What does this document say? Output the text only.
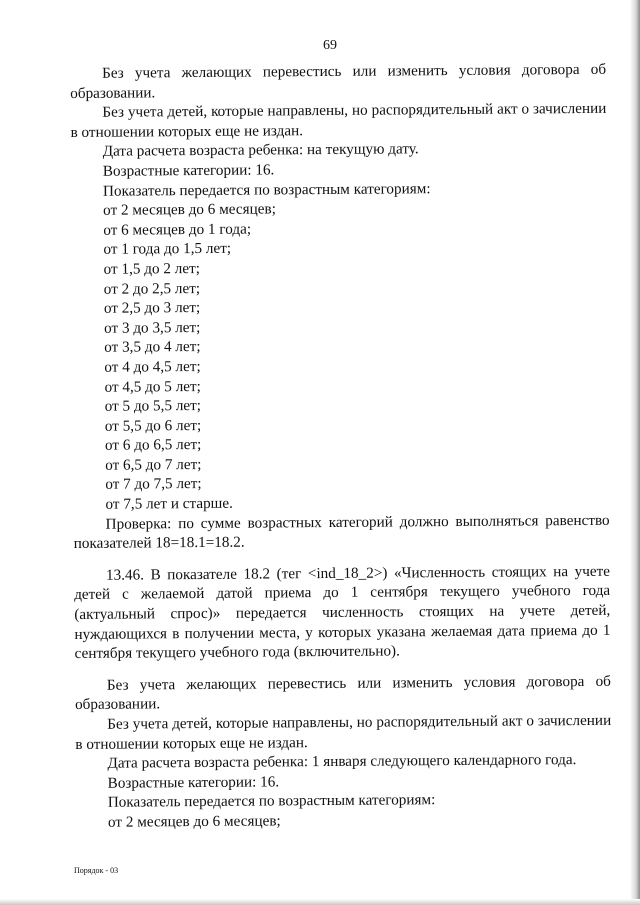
69

Без учета желающих перевестись или изменить условия договора об образовании.

Без учета детей, которые направлены, но распорядительный акт о зачислении в отношении которых еще не издан.

Дата расчета возраста ребенка: на текущую дату.

Возрастные категории: 16.

Показатель передается по возрастным категориям:

от 2 месяцев до 6 месяцев;

от 6 месяцев до 1 года;

от 1 года до 1,5 лет;

от 1,5 до 2 лет;

от 2 до 2,5 лет;

от 2,5 до 3 лет;

от 3 до 3,5 лет;

от 3,5 до 4 лет;

от 4 до 4,5 лет;

от 4,5 до 5 лет;

от 5 до 5,5 лет;

от 5,5 до 6 лет;

от 6 до 6,5 лет;

от 6,5 до 7 лет;

от 7 до 7,5 лет;

от 7,5 лет и старше.

Проверка: по сумме возрастных категорий должно выполняться равенство показателей 18=18.1=18.2.

13.46. В показателе 18.2 (тег <ind_18_2>) «Численность стоящих на учете детей с желаемой датой приема до 1 сентября текущего учебного года (актуальный спрос)» передается численность стоящих на учете детей, нуждающихся в получении места, у которых указана желаемая дата приема до 1 сентября текущего учебного года (включительно).

Без учета желающих перевестись или изменить условия договора об образовании.

Без учета детей, которые направлены, но распорядительный акт о зачислении в отношении которых еще не издан.

Дата расчета возраста ребенка: 1 января следующего календарного года.

Возрастные категории: 16.

Показатель передается по возрастным категориям:

от 2 месяцев до 6 месяцев;

Порядок - 03
